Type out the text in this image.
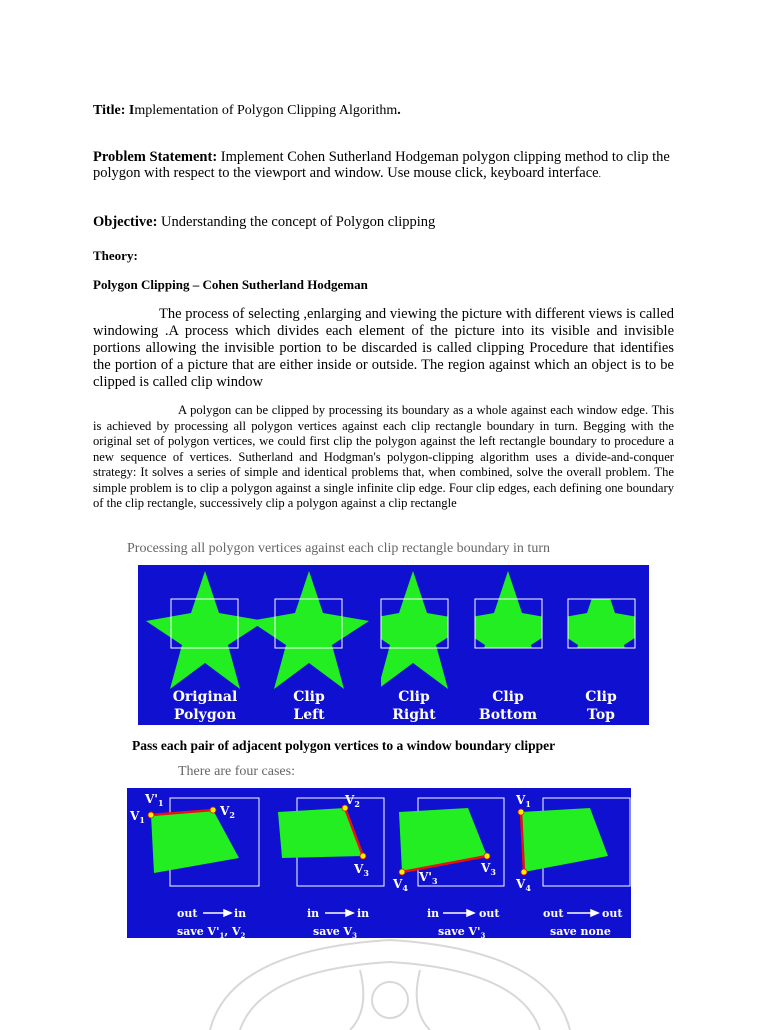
Title: Implementation of Polygon Clipping Algorithm.
Problem Statement: Implement Cohen Sutherland Hodgeman polygon clipping method to clip the polygon with respect to the viewport and window. Use mouse click, keyboard interface.
Objective: Understanding the concept of Polygon clipping
Theory:
Polygon Clipping – Cohen Sutherland Hodgeman
The process of selecting ,enlarging and viewing the picture with different views is called windowing .A process which divides each element of the picture into its visible and invisible portions allowing the invisible portion to be discarded is called clipping Procedure that identifies the portion of a picture that are either inside or outside. The region against which an object is to be clipped is called clip window
A polygon can be clipped by processing its boundary as a whole against each window edge. This is achieved by processing all polygon vertices against each clip rectangle boundary in turn. Begging with the original set of polygon vertices, we could first clip the polygon against the left rectangle boundary to procedure a new sequence of vertices. Sutherland and Hodgman's polygon-clipping algorithm uses a divide-and-conquer strategy: It solves a series of simple and identical problems that, when combined, solve the overall problem. The simple problem is to clip a polygon against a single infinite clip edge. Four clip edges, each defining one boundary of the clip rectangle, successively clip a polygon against a clip rectangle
Processing all polygon vertices against each clip rectangle boundary in turn
Original
Polygon
Clip
Left
Clip
Right
Clip
Bottom
Clip
Top
Pass each pair of adjacent polygon vertices to a window boundary clipper
There are four cases:
$V'_1$
$V_1$
$V_2$
$V_2$
$V_3$	$V_3$
$V_4$
$V'_3$
$V_1$
$V_4$
out	in	in	in	in	out	out	out
save $V'_1$, $V_2$	save $V_3$	save $V'_3$	save none
